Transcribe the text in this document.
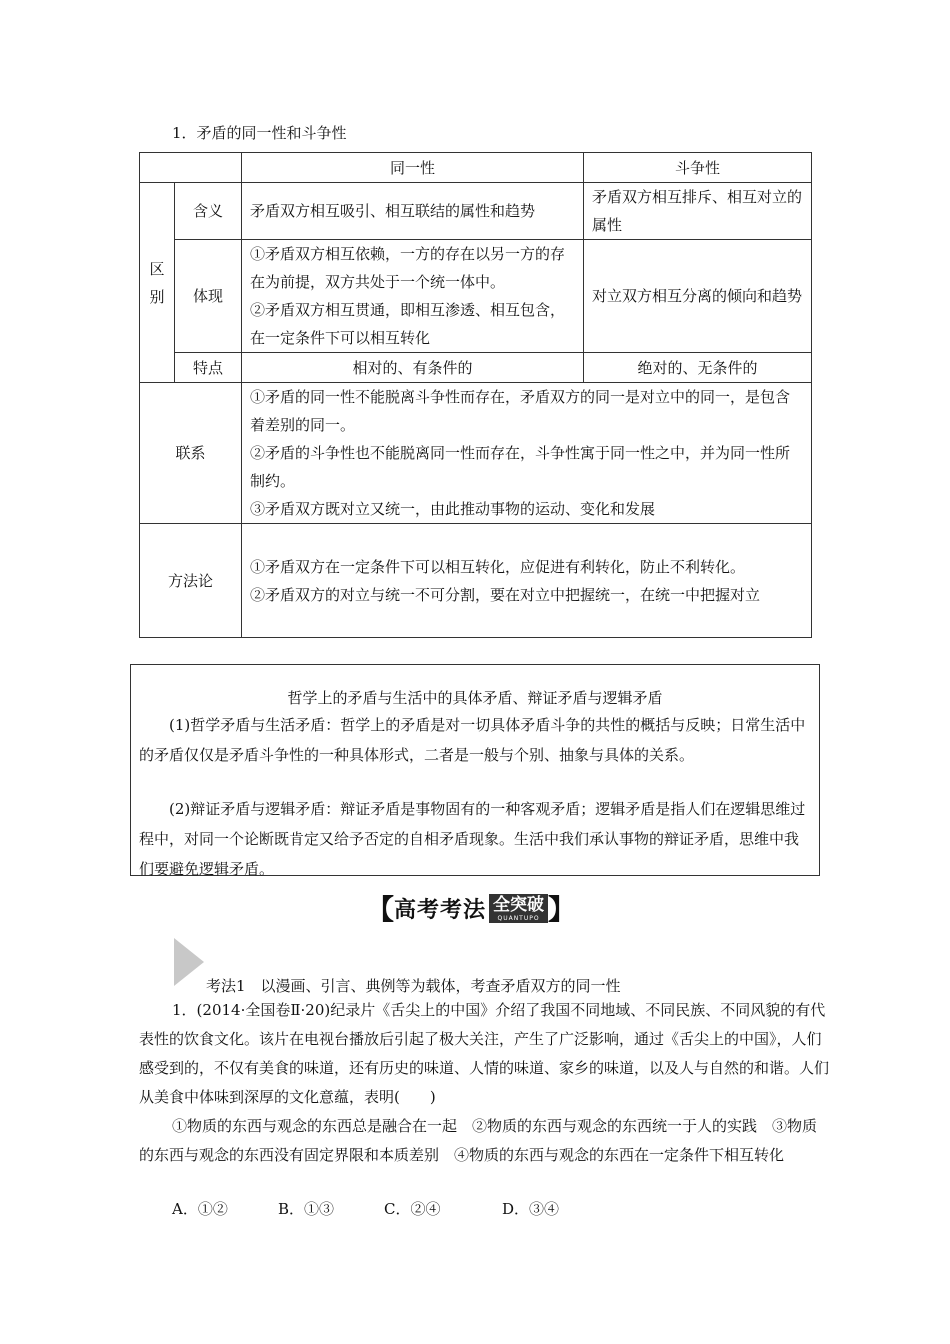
1．矛盾的同一性和斗争性
		同一性	斗争性

区
别	含义	矛盾双方相互吸引、相互联结的属性和趋势	矛盾双方相互排斥、相互对立的属性
	体现	①矛盾双方相互依赖，一方的存在以另一方的存在为前提，双方共处于一个统一体中。
②矛盾双方相互贯通，即相互渗透、相互包含，在一定条件下可以相互转化	对立双方相互分离的倾向和趋势
	特点	相对的、有条件的	绝对的、无条件的
联系		①矛盾的同一性不能脱离斗争性而存在，矛盾双方的同一是对立中的同一，是包含着差别的同一。
②矛盾的斗争性也不能脱离同一性而存在，斗争性寓于同一性之中，并为同一性所制约。
③矛盾双方既对立又统一，由此推动事物的运动、变化和发展	

方法论		①矛盾双方在一定条件下可以相互转化，应促进有利转化，防止不利转化。
②矛盾双方的对立与统一不可分割，要在对立中把握统一，在统一中把握对立	
哲学上的矛盾与生活中的具体矛盾、辩证矛盾与逻辑矛盾
(1)哲学矛盾与生活矛盾：哲学上的矛盾是对一切具体矛盾斗争的共性的概括与反映；日常生活中的矛盾仅仅是矛盾斗争性的一种具体形式，二者是一般与个别、抽象与具体的关系。
(2)辩证矛盾与逻辑矛盾：辩证矛盾是事物固有的一种客观矛盾；逻辑矛盾是指人们在逻辑思维过程中，对同一个论断既肯定又给予否定的自相矛盾现象。生活中我们承认事物的辩证矛盾，思维中我们要避免逻辑矛盾。
【 高考考法 全突破
QUANTUPO 】
考法1　以漫画、引言、典例等为载体，考查矛盾双方的同一性
1．(2014·全国卷Ⅱ·20)纪录片《舌尖上的中国》介绍了我国不同地域、不同民族、不同风貌的有代表性的饮食文化。该片在电视台播放后引起了极大关注，产生了广泛影响，通过《舌尖上的中国》，人们感受到的，不仅有美食的味道，还有历史的味道、人情的味道、家乡的味道，以及人与自然的和谐。人们从美食中体味到深厚的文化意蕴，表明(　　)
①物质的东西与观念的东西总是融合在一起　②物质的东西与观念的东西统一于人的实践　③物质的东西与观念的东西没有固定界限和本质差别　④物质的东西与观念的东西在一定条件下相互转化
A．①②	B．①③	C．②④	D．③④
